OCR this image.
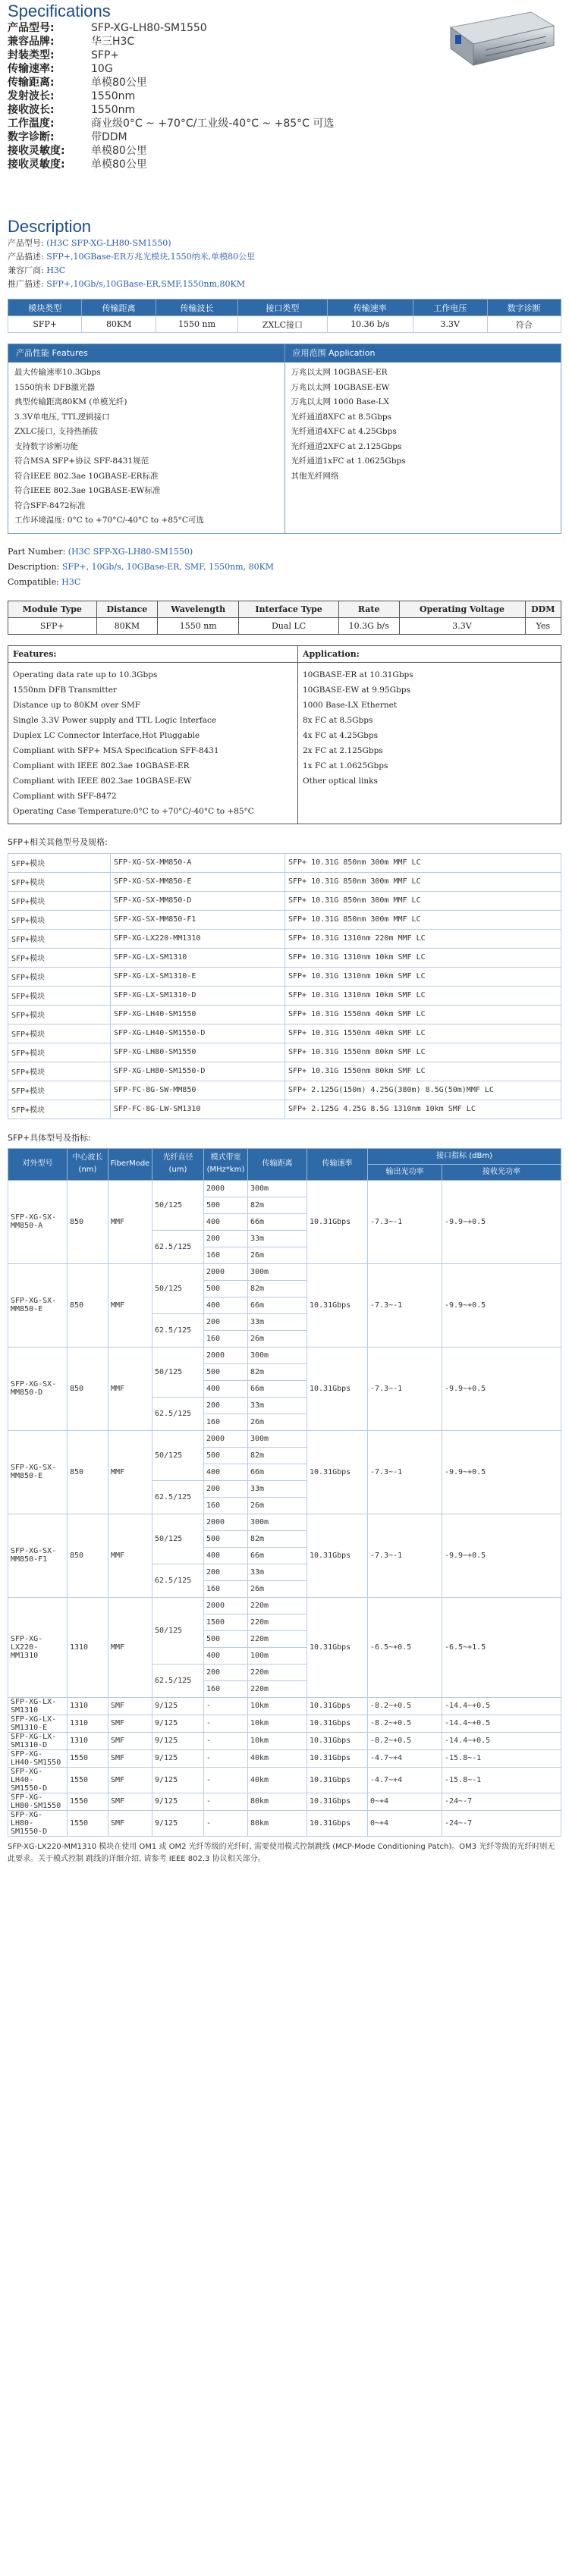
Specifications
产品型号:	SFP-XG-LH80-SM1550
兼容品牌:	华三H3C
封装类型:	SFP+
传输速率:	10G
传输距离:	单模80公里
发射波长:	1550nm
接收波长:	1550nm
工作温度:	商业级0°C ~ +70°C/工业级-40°C ~ +85°C 可选
数字诊断:	带DDM
接收灵敏度:	单模80公里
接收灵敏度:	单模80公里
Description
产品型号: (H3C SFP-XG-LH80-SM1550)
产品描述: SFP+,10GBase-ER万兆光模块,1550纳米,单模80公里
兼容厂商: H3C
推广描述: SFP+,10Gb/s,10GBase-ER,SMF,1550nm,80KM
模块类型	传输距离	传输波长	接口类型	传输速率	工作电压	数字诊断
SFP+	80KM	1550 nm	ZXLC接口	10.36 b/s	3.3V	符合
产品性能 Features
最大传输速率10.3Gbps
1550纳米 DFB激光器
典型传输距离80KM (单模光纤)
3.3V单电压, TTL逻辑接口
ZXLC接口, 支持热插拔
支持数字诊断功能
符合MSA SFP+协议 SFF-8431规范
符合IEEE 802.3ae 10GBASE-ER标准
符合IEEE 802.3ae 10GBASE-EW标准
符合SFF-8472标准
工作环境温度: 0°C to +70°C/-40°C to +85°C可选
应用范围 Application
万兆以太网 10GBASE-ER
万兆以太网 10GBASE-EW
万兆以太网 1000 Base-LX
光纤通道8XFC at 8.5Gbps
光纤通道4XFC at 4.25Gbps
光纤通道2XFC at 2.125Gbps
光纤通道1xFC at 1.0625Gbps
其他光纤网络
Part Number: (H3C SFP-XG-LH80-SM1550)
Description: SFP+, 10Gb/s, 10GBase-ER, SMF, 1550nm, 80KM
Compatible: H3C
Module Type	Distance	Wavelength	Interface Type	Rate	Operating Voltage	DDM
SFP+	80KM	1550 nm	Dual LC	10.3G b/s	3.3V	Yes
Features:
Operating data rate up to 10.3Gbps
1550nm DFB Transmitter
Distance up to 80KM over SMF
Single 3.3V Power supply and TTL Logic Interface
Duplex LC Connector Interface,Hot Pluggable
Compliant with SFP+ MSA Specification SFF-8431
Compliant with IEEE 802.3ae 10GBASE-ER
Compliant with IEEE 802.3ae 10GBASE-EW
Compliant with SFF-8472
Operating Case Temperature:0°C to +70°C/-40°C to +85°C
Application:
10GBASE-ER at 10.31Gbps
10GBASE-EW at 9.95Gbps
1000 Base-LX Ethernet
8x FC at 8.5Gbps
4x FC at 4.25Gbps
2x FC at 2.125Gbps
1x FC at 1.0625Gbps
Other optical links
SFP+相关其他型号及规格:
SFP+模块	SFP-XG-SX-MM850-A	SFP+ 10.31G 850nm 300m MMF LC
SFP+模块	SFP-XG-SX-MM850-E	SFP+ 10.31G 850nm 300m MMF LC
SFP+模块	SFP-XG-SX-MM850-D	SFP+ 10.31G 850nm 300m MMF LC
SFP+模块	SFP-XG-SX-MM850-F1	SFP+ 10.31G 850nm 300m MMF LC
SFP+模块	SFP-XG-LX220-MM1310	SFP+ 10.31G 1310nm 220m MMF LC
SFP+模块	SFP-XG-LX-SM1310	SFP+ 10.31G 1310nm 10km SMF LC
SFP+模块	SFP-XG-LX-SM1310-E	SFP+ 10.31G 1310nm 10km SMF LC
SFP+模块	SFP-XG-LX-SM1310-D	SFP+ 10.31G 1310nm 10km SMF LC
SFP+模块	SFP-XG-LH40-SM1550	SFP+ 10.31G 1550nm 40km SMF LC
SFP+模块	SFP-XG-LH40-SM1550-D	SFP+ 10.31G 1550nm 40km SMF LC
SFP+模块	SFP-XG-LH80-SM1550	SFP+ 10.31G 1550nm 80km SMF LC
SFP+模块	SFP-XG-LH80-SM1550-D	SFP+ 10.31G 1550nm 80km SMF LC
SFP+模块	SFP-FC-8G-SW-MM850	SFP+ 2.125G(150m) 4.25G(380m) 8.5G(50m)MMF LC
SFP+模块	SFP-FC-8G-LW-SM1310	SFP+ 2.125G 4.25G 8.5G 1310nm 10km SMF LC
SFP+具体型号及指标:
对外型号	中心波长(nm)	FiberMode	光纤直径(um)	模式带宽(MHz*km)	传输距离	传输速率	接口指标 (dBm)	
							输出光功率	接收光功率
SFP-XG-SX-MM850-A	850	MMF	50/125	2000	300m	10.31Gbps	-7.3~-1	-9.9~+0.5
				500	82m			
				400	66m			
			62.5/125	200	33m			
				160	26m			
SFP-XG-SX-MM850-E	850	MMF	50/125	2000	300m	10.31Gbps	-7.3~-1	-9.9~+0.5
				500	82m			
				400	66m			
			62.5/125	200	33m			
				160	26m			
SFP-XG-SX-MM850-D	850	MMF	50/125	2000	300m	10.31Gbps	-7.3~-1	-9.9~+0.5
				500	82m			
				400	66m			
			62.5/125	200	33m			
				160	26m			
SFP-XG-SX-MM850-E	850	MMF	50/125	2000	300m	10.31Gbps	-7.3~-1	-9.9~+0.5
				500	82m			
				400	66m			
			62.5/125	200	33m			
				160	26m			
SFP-XG-SX-MM850-F1	850	MMF	50/125	2000	300m	10.31Gbps	-7.3~-1	-9.9~+0.5
				500	82m			
				400	66m			
			62.5/125	200	33m			
				160	26m			
SFP-XG-LX220-MM1310	1310	MMF	50/125	2000	220m	10.31Gbps	-6.5~+0.5	-6.5~+1.5
				1500	220m			
				500	220m			
				400	100m			
			62.5/125	200	220m			
				160	220m			
SFP-XG-LX-SM1310	1310	SMF	9/125	-	10km	10.31Gbps	-8.2~+0.5	-14.4~+0.5
SFP-XG-LX-SM1310-E	1310	SMF	9/125	-	10km	10.31Gbps	-8.2~+0.5	-14.4~+0.5
SFP-XG-LX-SM1310-D	1310	SMF	9/125	-	10km	10.31Gbps	-8.2~+0.5	-14.4~+0.5
SFP-XG-LH40-SM1550	1550	SMF	9/125	-	40km	10.31Gbps	-4.7~+4	-15.8~-1
SFP-XG-LH40-SM1550-D	1550	SMF	9/125	-	40km	10.31Gbps	-4.7~+4	-15.8~-1
SFP-XG-LH80-SM1550	1550	SMF	9/125	-	80km	10.31Gbps	0~+4	-24~-7
SFP-XG-LH80-SM1550-D	1550	SMF	9/125	-	80km	10.31Gbps	0~+4	-24~-7
SFP-XG-LX220-MM1310 模块在使用 OM1 或 OM2 光纤等级的光纤时, 需要使用模式控制跳线 (MCP-Mode Conditioning Patch)。OM3 光纤等级的光纤时则无此要求。关于模式控制 跳线的详细介绍, 请参考 IEEE 802.3 协议相关部分。
